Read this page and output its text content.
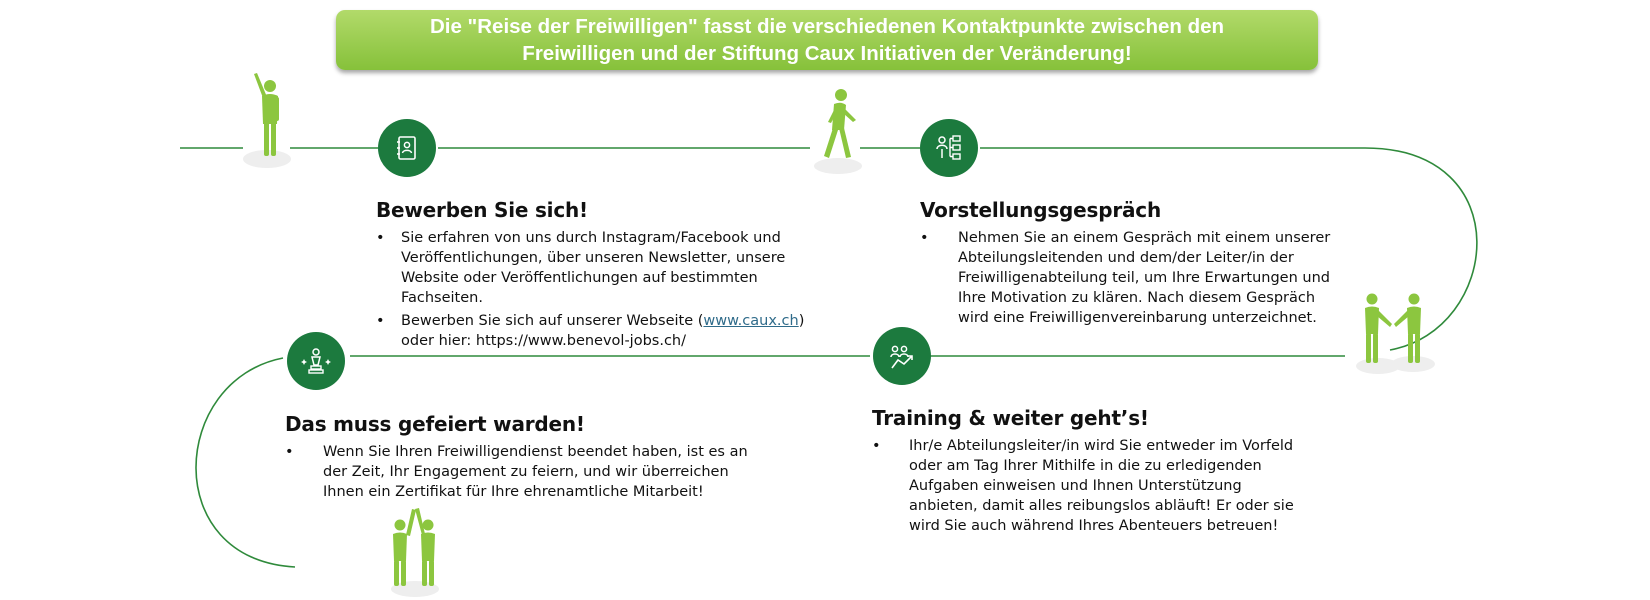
Die "Reise der Freiwilligen" fasst die verschiedenen Kontaktpunkte zwischen den
Freiwilligen und der Stiftung Caux Initiativen der Veränderung!
Bewerben Sie sich!
• Sie erfahren von uns durch Instagram/Facebook und Veröffentlichungen, über unseren Newsletter, unsere Website oder Veröffentlichungen auf bestimmten Fachseiten.
• Bewerben Sie sich auf unserer Webseite (www.caux.ch)
oder hier: https://www.benevol-jobs.ch/
Vorstellungsgespräch
• Nehmen Sie an einem Gespräch mit einem unserer Abteilungsleitenden und dem/der Leiter/in der Freiwilligenabteilung teil, um Ihre Erwartungen und Ihre Motivation zu klären. Nach diesem Gespräch wird eine Freiwilligenvereinbarung unterzeichnet.
Training & weiter geht’s!
• Ihr/e Abteilungsleiter/in wird Sie entweder im Vorfeld oder am Tag Ihrer Mithilfe in die zu erledigenden Aufgaben einweisen und Ihnen Unterstützung anbieten, damit alles reibungslos abläuft! Er oder sie wird Sie auch während Ihres Abenteuers betreuen!
Das muss gefeiert warden!
• Wenn Sie Ihren Freiwilligendienst beendet haben, ist es an der Zeit, Ihr Engagement zu feiern, und wir überreichen Ihnen ein Zertifikat für Ihre ehrenamtliche Mitarbeit!
